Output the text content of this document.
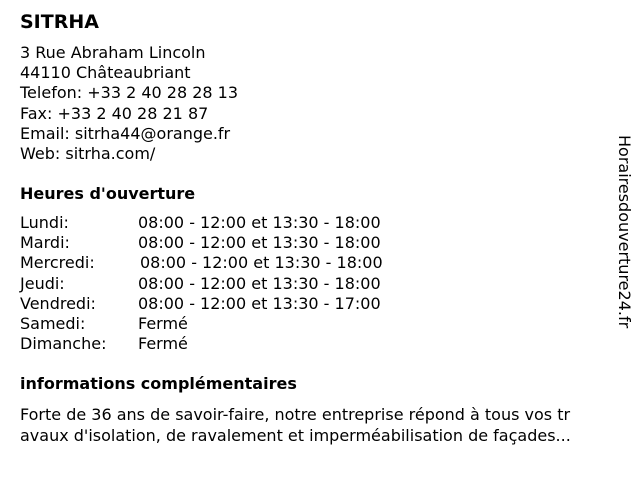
SITRHA
3 Rue Abraham Lincoln
44110 Châteaubriant
Telefon: +33 2 40 28 28 13
Fax: +33 2 40 28 21 87
Email: sitrha44@orange.fr
Web: sitrha.com/
Heures d'ouverture
Lundi:	08:00 - 12:00 et 13:30 - 18:00
Mardi:	08:00 - 12:00 et 13:30 - 18:00
Mercredi:	08:00 - 12:00 et 13:30 - 18:00
Jeudi:	08:00 - 12:00 et 13:30 - 18:00
Vendredi:	08:00 - 12:00 et 13:30 - 17:00
Samedi:	Fermé
Dimanche: Fermé
informations complémentaires
Forte de 36 ans de savoir-faire, notre entreprise répond à tous vos tr
avaux d'isolation, de ravalement et imperméabilisation de façades...
Horairesdouverture24.fr
